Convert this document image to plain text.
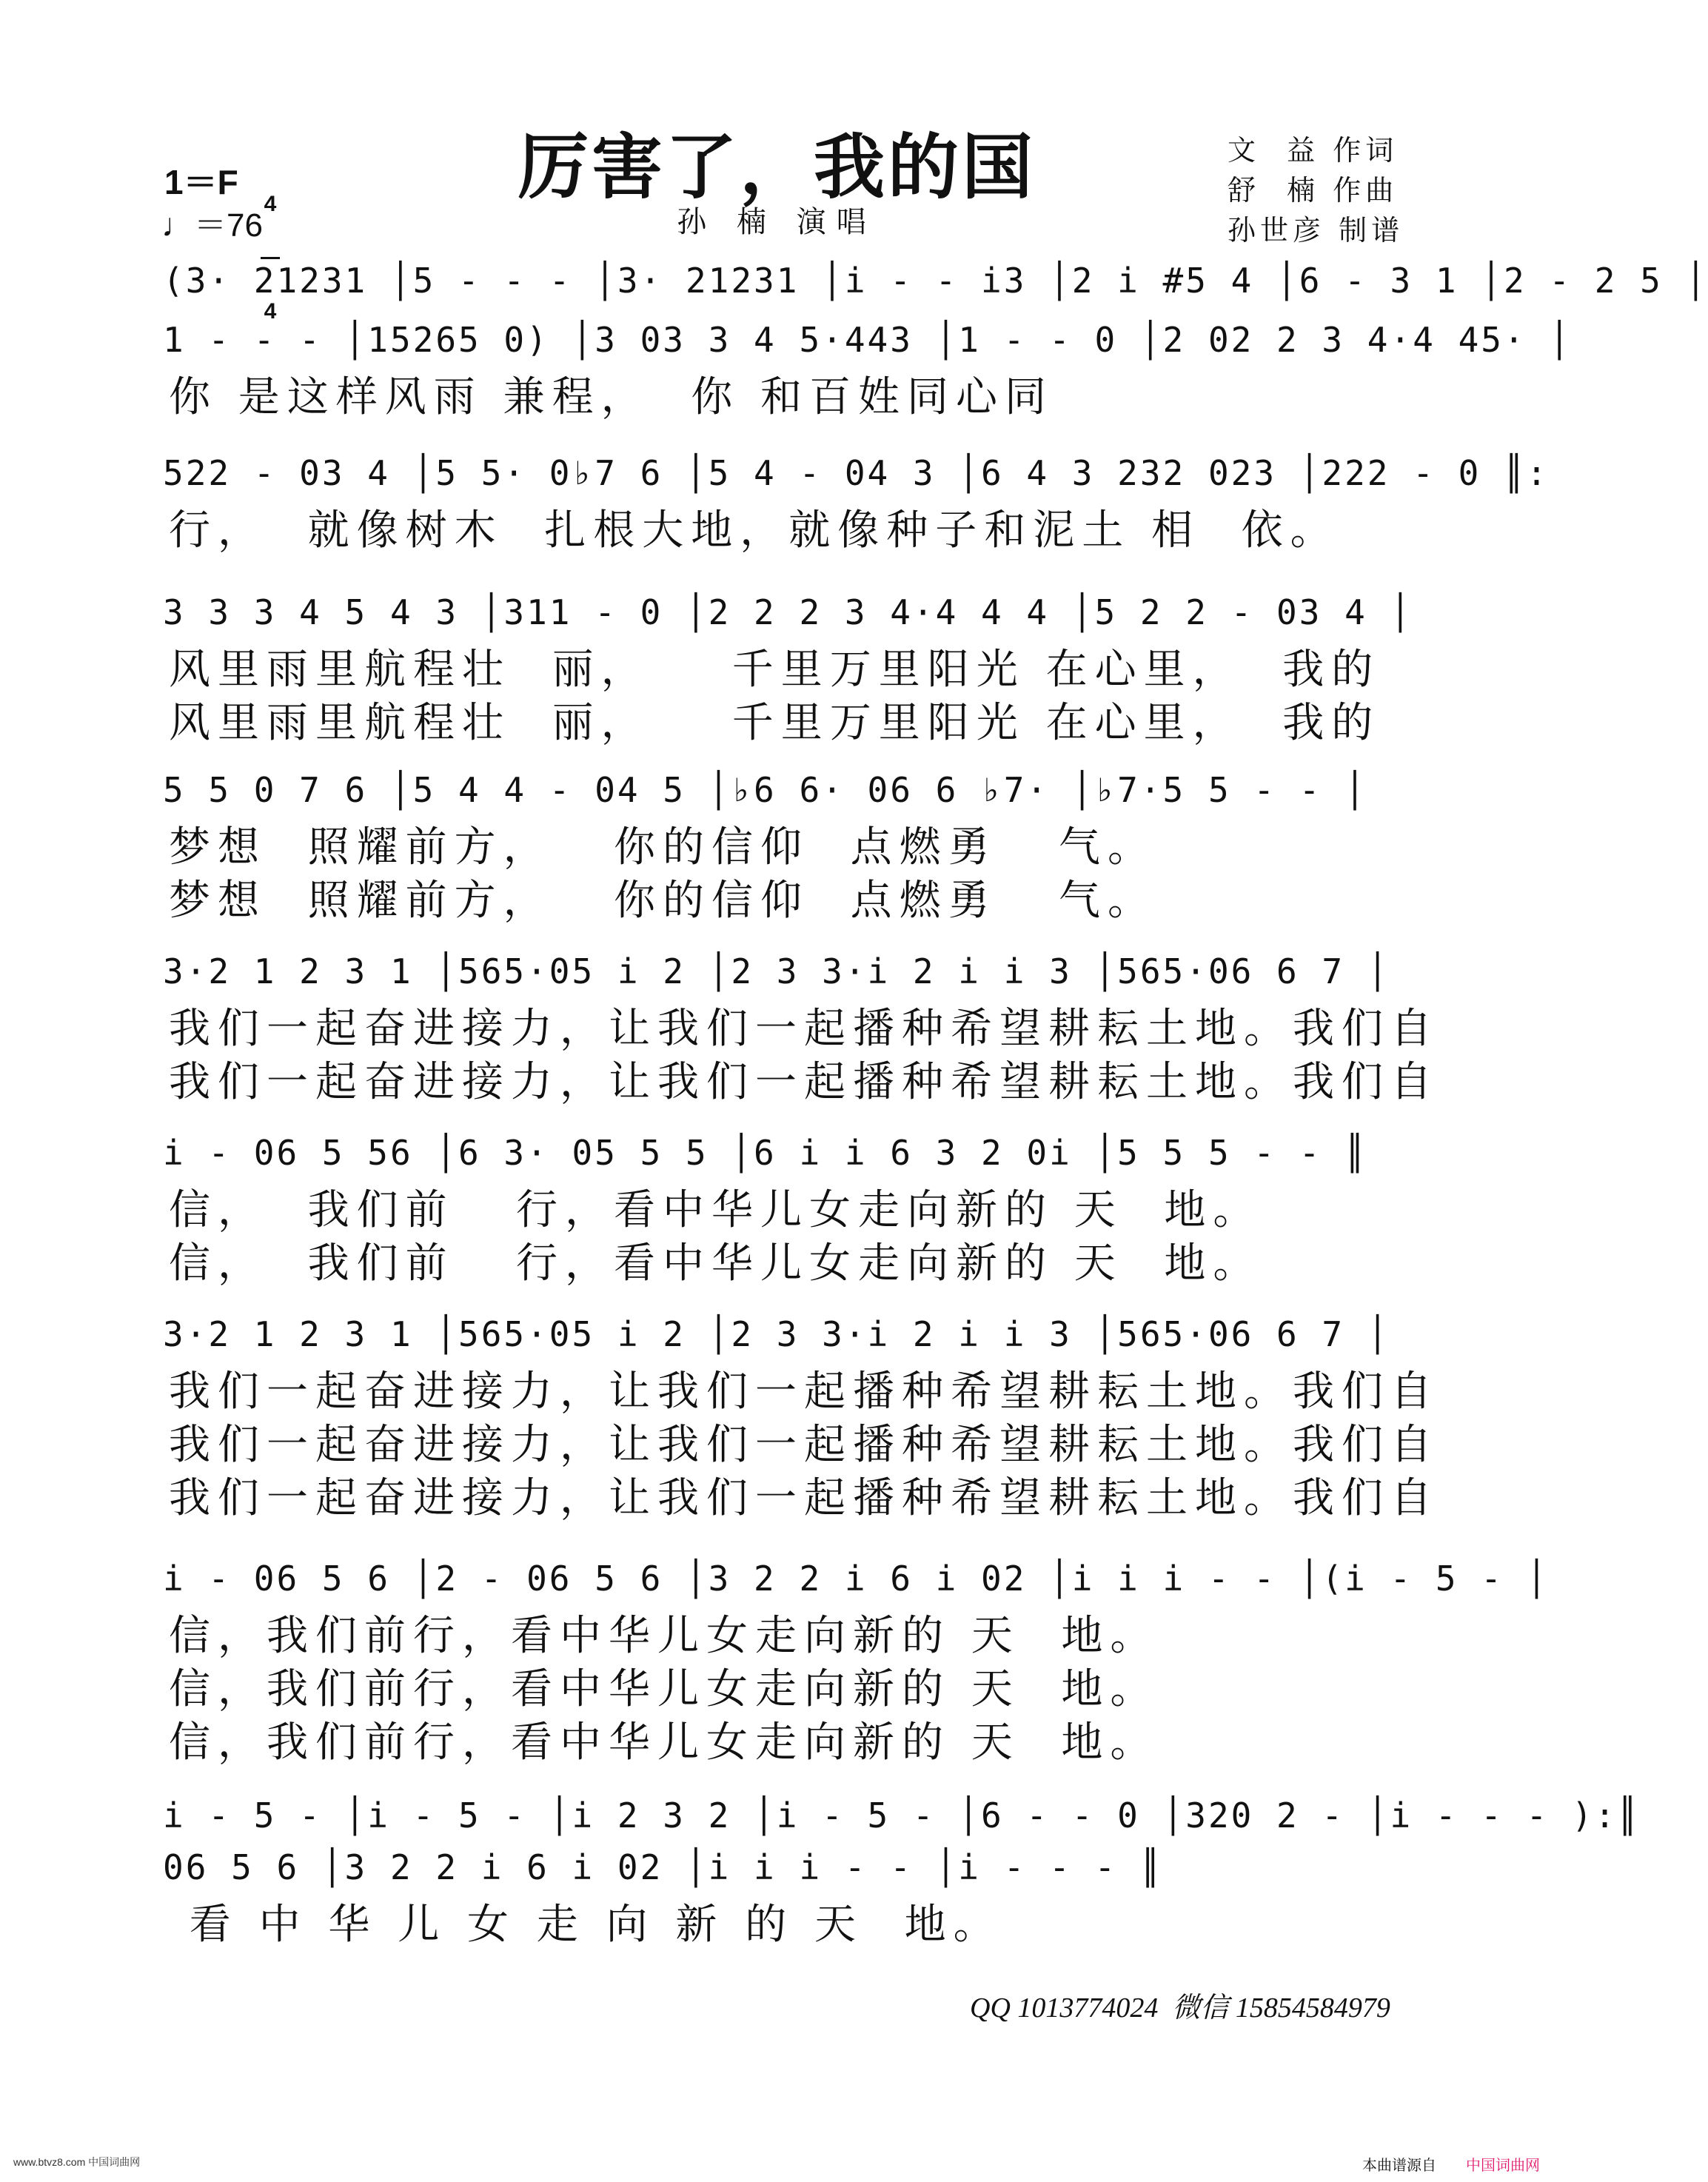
厉害了，我的国
孙 楠 演唱
文  益 作词
舒  楠 作曲
孙世彦 制谱
1＝F

4

4

♩＝76
(3· 21231 │5 - - - │3· 21231 │i - - i3 │2 i #5 4 │6 - 3 1 │2 - 2 5 │
1 - - - │15265 0) │3 03 3 4 5·443 │1 - - 0 │2 02 2 3 4·4 45· │
你 是这样风雨 兼程，  你 和百姓同心同
522 - 03 4 │5 5· 0♭7 6 │5 4 - 04 3 │6 4 3 232 023 │222 - 0 ║:
行，  就像树木  扎根大地，就像种子和泥土 相  依。
3 3 3 4 5 4 3 │311 - 0 │2 2 2 3 4·4 4 4 │5 2 2 - 03 4 │
风里雨里航程壮  丽，    千里万里阳光 在心里，  我的
风里雨里航程壮  丽，    千里万里阳光 在心里，  我的
5 5 0 7 6 │5 4 4 - 04 5 │♭6 6· 06 6 ♭7· │♭7·5 5 - - │
梦想  照耀前方，   你的信仰  点燃勇   气。
梦想  照耀前方，   你的信仰  点燃勇   气。
3·2 1 2 3 1 │565·05 i 2 │2 3 3·i 2 i i 3 │565·06 6 7 │
我们一起奋进接力，让我们一起播种希望耕耘土地。我们自
我们一起奋进接力，让我们一起播种希望耕耘土地。我们自
i - 06 5 56 │6 3· 05 5 5 │6 i i 6 3 2 0i │5 5 5 - - ║
信，  我们前   行，看中华儿女走向新的 天  地。
信，  我们前   行，看中华儿女走向新的 天  地。
3·2 1 2 3 1 │565·05 i 2 │2 3 3·i 2 i i 3 │565·06 6 7 │
我们一起奋进接力，让我们一起播种希望耕耘土地。我们自
我们一起奋进接力，让我们一起播种希望耕耘土地。我们自
我们一起奋进接力，让我们一起播种希望耕耘土地。我们自
i - 06 5 6 │2 - 06 5 6 │3 2 2 i 6 i 02 │i i i - - │(i - 5 - │
信，我们前行，看中华儿女走向新的 天  地。
信，我们前行，看中华儿女走向新的 天  地。
信，我们前行，看中华儿女走向新的 天  地。
i - 5 - │i - 5 - │i 2 3 2 │i - 5 - │6 - - 0 │320 2 - │i - - - ):║
06 5 6 │3 2 2 i 6 i 02 │i i i - - │i - - - ║
看 中 华 儿 女 走 向 新 的 天  地。
QQ 1013774024  微信 15854584979
本曲谱源自 中国词曲网
www.btvz8.com 中国词曲网
